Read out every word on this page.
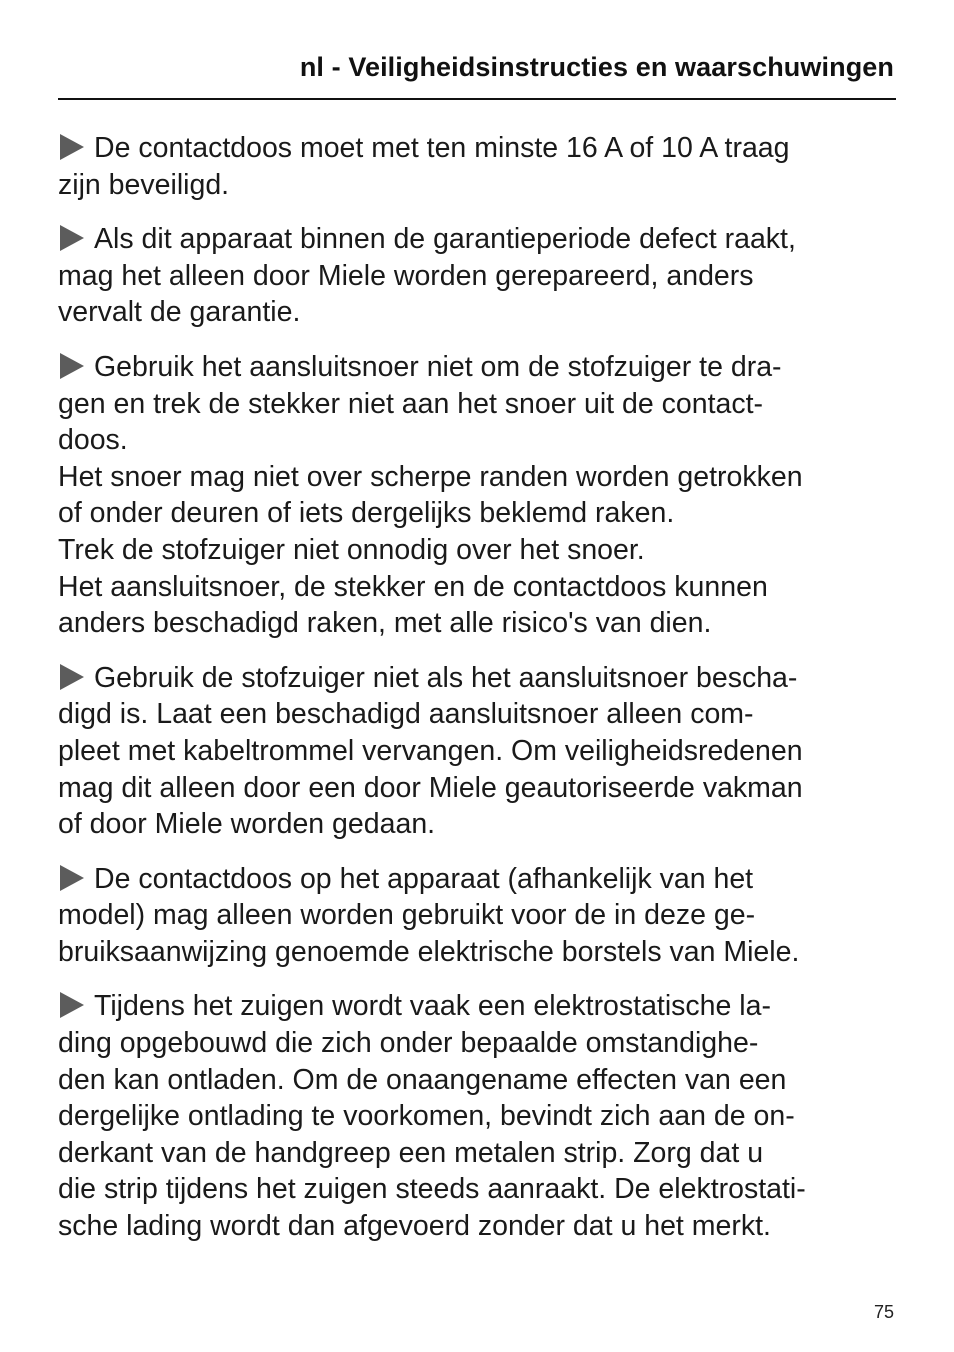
nl - Veiligheidsinstructies en waarschuwingen
De contactdoos moet met ten minste 16 A of 10 A traag
zijn beveiligd.
Als dit apparaat binnen de garantieperiode defect raakt,
mag het alleen door Miele worden gerepareerd, anders
vervalt de garantie.
Gebruik het aansluitsnoer niet om de stofzuiger te dra-
gen en trek de stekker niet aan het snoer uit de contact-
doos.
Het snoer mag niet over scherpe randen worden getrokken
of onder deuren of iets dergelijks beklemd raken.
Trek de stofzuiger niet onnodig over het snoer.
Het aansluitsnoer, de stekker en de contactdoos kunnen
anders beschadigd raken, met alle risico's van dien.
Gebruik de stofzuiger niet als het aansluitsnoer bescha-
digd is. Laat een beschadigd aansluitsnoer alleen com-
pleet met kabeltrommel vervangen. Om veiligheidsredenen
mag dit alleen door een door Miele geautoriseerde vakman
of door Miele worden gedaan.
De contactdoos op het apparaat (afhankelijk van het
model) mag alleen worden gebruikt voor de in deze ge-
bruiksaanwijzing genoemde elektrische borstels van Miele.
Tijdens het zuigen wordt vaak een elektrostatische la-
ding opgebouwd die zich onder bepaalde omstandighe-
den kan ontladen. Om de onaangename effecten van een
dergelijke ontlading te voorkomen, bevindt zich aan de on-
derkant van de handgreep een metalen strip. Zorg dat u
die strip tijdens het zuigen steeds aanraakt. De elektrostati-
sche lading wordt dan afgevoerd zonder dat u het merkt.
75
